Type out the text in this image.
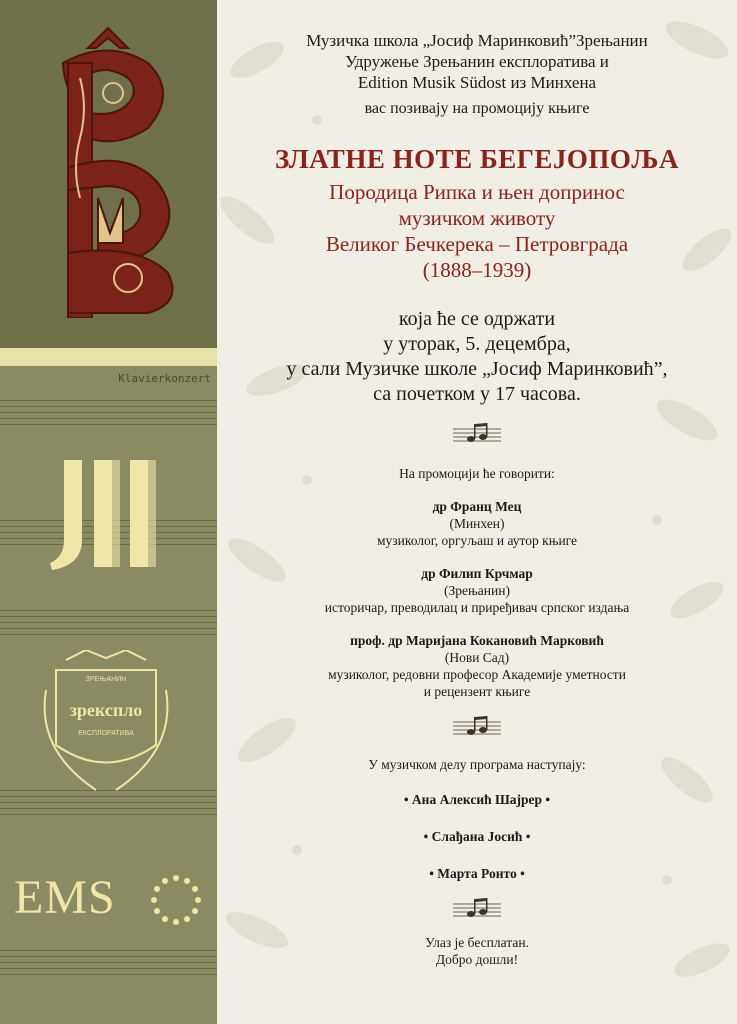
Klavierkonzert
ЗРЕЊАНИН
зрекспло
ЕКСПЛОРАТИВА
EMS
Музичка школа „Јосиф Маринковић”Зрењанин
Удружење Зрењанин експлоратива и
Edition Musik Südost из Минхена
вас позивају на промоцију књиге
ЗЛАТНЕ НОТЕ БЕГЕЈОПОЉА
Породица Рипка и њен допринос
музичком животу
Великог Бечкерека – Петровграда
(1888–1939)
која ће се одржати
у уторак, 5. децембра,
у сали Музичке школе „Јосиф Маринковић”,
са почетком у 17 часова.
На промоцији ће говорити:
др Франц Мец
(Минхен)
музиколог, оргуљаш и аутор књиге
др Филип Крчмар
(Зрењанин)
историчар, преводилац и приређивач српског издања
проф. др Маријана Кокановић Марковић
(Нови Сад)
музиколог, редовни професор Академије уметности
и рецензент књиге
У музичком делу програма наступају:
• Ана Алексић Шајрер •
• Слађана Јосић •
• Марта Ронто •
Улаз је бесплатан.
Добро дошли!
